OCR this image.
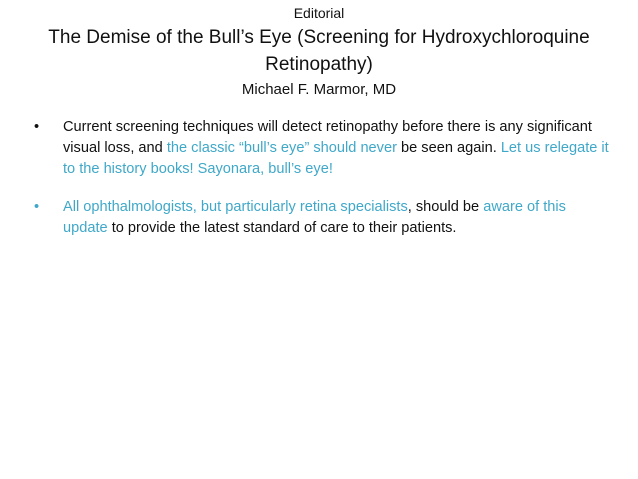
Editorial
The Demise of the Bull’s Eye (Screening for Hydroxychloroquine Retinopathy)
Michael F. Marmor, MD
• Current screening techniques will detect retinopathy before there is any significant visual loss, and the classic “bull’s eye” should never be seen again. Let us relegate it to the history books! Sayonara, bull’s eye!
• All ophthalmologists, but particularly retina specialists, should be aware of this update to provide the latest standard of care to their patients.
